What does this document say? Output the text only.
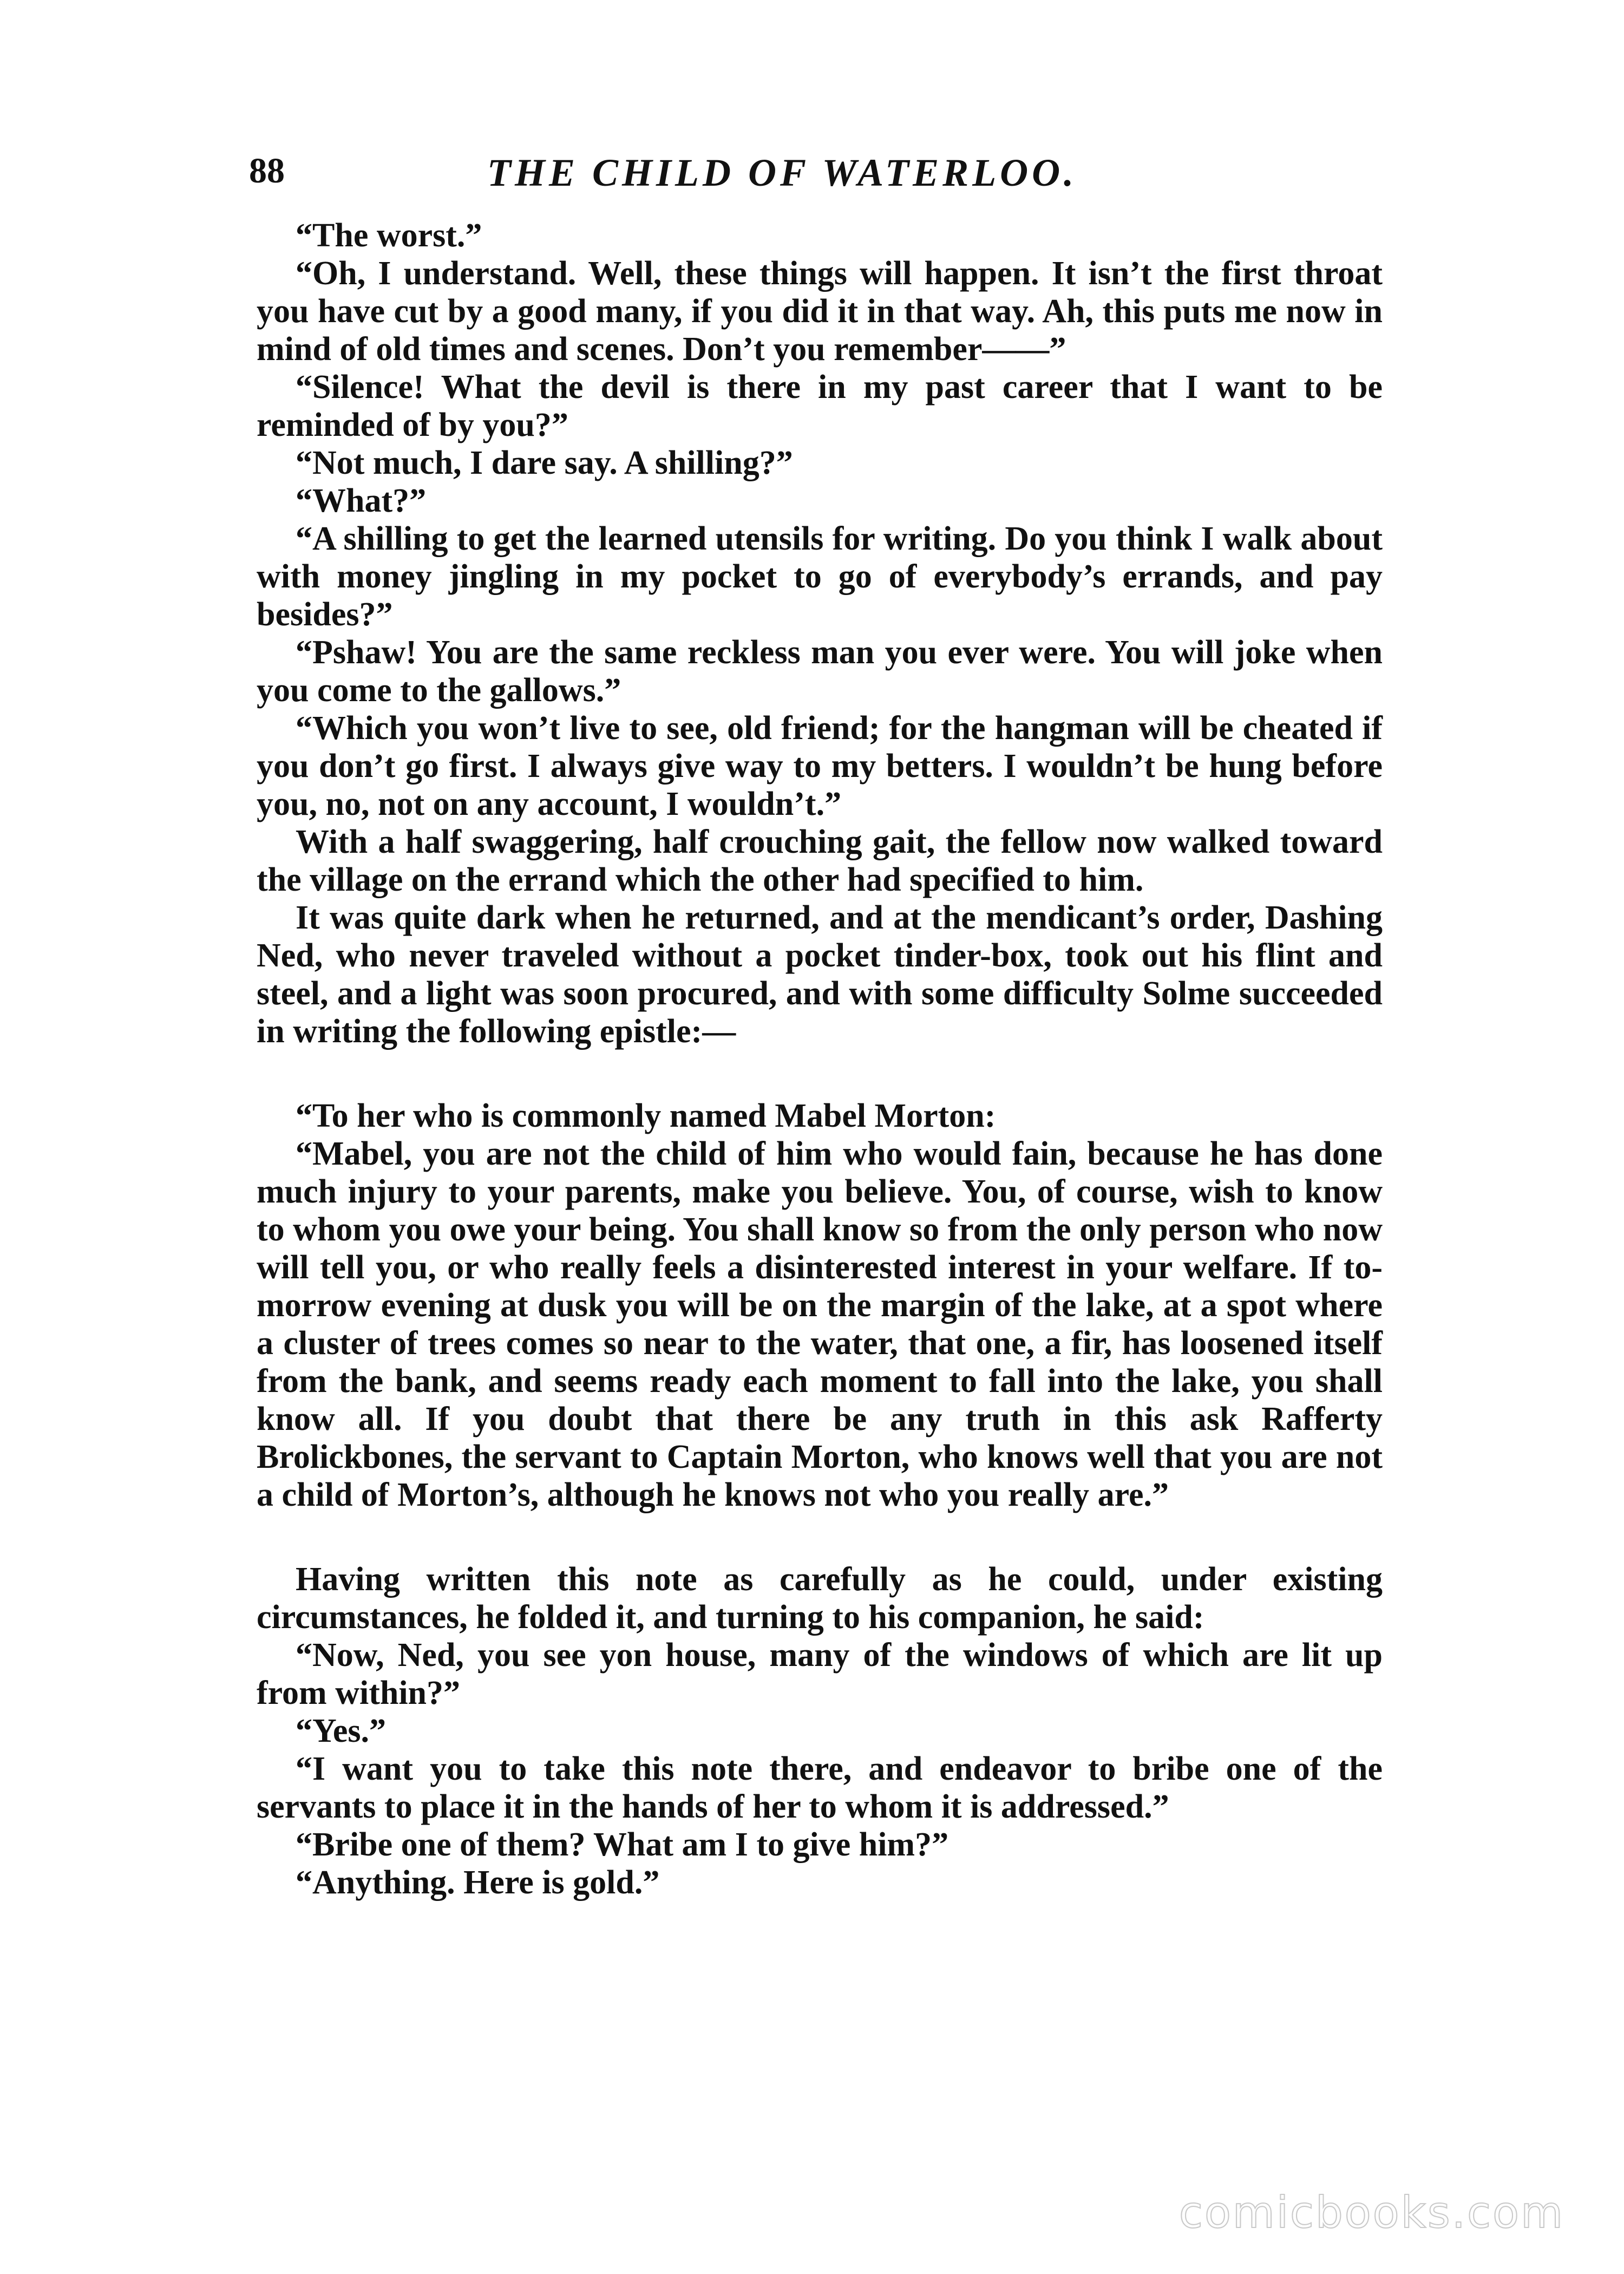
88	THE CHILD OF WATERLOO.

“The worst.”

“Oh, I understand. Well, these things will happen. It isn’t the first throat you have cut by a good many, if you did it in that way. Ah, this puts me now in mind of old times and scenes. Don’t you remember——”

“Silence! What the devil is there in my past career that I want to be reminded of by you?”

“Not much, I dare say. A shilling?”

“What?”

“A shilling to get the learned utensils for writing. Do you think I walk about with money jingling in my pocket to go of everybody’s errands, and pay besides?”

“Pshaw! You are the same reckless man you ever were. You will joke when you come to the gallows.”

“Which you won’t live to see, old friend; for the hangman will be cheated if you don’t go first. I always give way to my betters. I wouldn’t be hung before you, no, not on any account, I wouldn’t.”

With a half swaggering, half crouching gait, the fellow now walked toward the village on the errand which the other had specified to him.

It was quite dark when he returned, and at the mendicant’s order, Dashing Ned, who never traveled without a pocket tinder-box, took out his flint and steel, and a light was soon procured, and with some difficulty Solme succeeded in writing the following epistle:—

“To her who is commonly named Mabel Morton:

“Mabel, you are not the child of him who would fain, because he has done much injury to your parents, make you believe. You, of course, wish to know to whom you owe your being. You shall know so from the only person who now will tell you, or who really feels a disinterested interest in your welfare. If to-morrow evening at dusk you will be on the margin of the lake, at a spot where a cluster of trees comes so near to the water, that one, a fir, has loosened itself from the bank, and seems ready each moment to fall into the lake, you shall know all. If you doubt that there be any truth in this ask Rafferty Brolickbones, the servant to Captain Morton, who knows well that you are not a child of Morton’s, although he knows not who you really are.”

Having written this note as carefully as he could, under existing circumstances, he folded it, and turning to his companion, he said:

“Now, Ned, you see yon house, many of the windows of which are lit up from within?”

“Yes.”

“I want you to take this note there, and endeavor to bribe one of the servants to place it in the hands of her to whom it is addressed.”

“Bribe one of them? What am I to give him?”

“Anything. Here is gold.”

comicbooks.com
